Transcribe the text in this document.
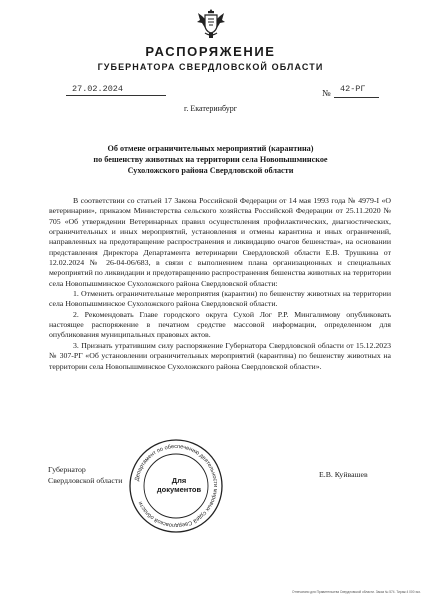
РАСПОРЯЖЕНИЕ
ГУБЕРНАТОРА СВЕРДЛОВСКОЙ ОБЛАСТИ
27.02.2024	№ 42-РГ
г. Екатеринбург
Об отмене ограничительных мероприятий (карантина)
по бешенству животных на территории села Новопышминское
Сухоложского района Свердловской области

В соответствии со статьей 17 Закона Российской Федерации от 14 мая 1993 года № 4979-I «О ветеринарии», приказом Министерства сельского хозяйства Российской Федерации от 25.11.2020 № 705 «Об утверждении Ветеринарных правил осуществления профилактических, диагностических, ограничительных и иных мероприятий, установления и отмены карантина и иных ограничений, направленных на предотвращение распространения и ликвидацию очагов бешенства», на основании представления Директора Департамента ветеринарии Свердловской области Е.В. Трушкина от 12.02.2024 № 26-04-06/683, в связи с выполнением плана организационных и специальных мероприятий по ликвидации и предотвращению распространения бешенства животных на территории села Новопышминское Сухоложского района Свердловской области:

1. Отменить ограничительные мероприятия (карантин) по бешенству животных на территории села Новопышминское Сухоложского района Свердловской области.

2. Рекомендовать Главе городского округа Сухой Лог Р.Р. Мингалимову опубликовать настоящее распоряжение в печатном средстве массовой информации, определенном для опубликования муниципальных правовых актов.

3. Признать утратившим силу распоряжение Губернатора Свердловской области от 15.12.2023 № 307-РГ «Об установлении ограничительных мероприятий (карантина) по бешенству животных на территории села Новопышминское Сухоложского района Свердловской области».

Губернатор
Свердловской области
Е.В. Куйвашев
Департамент по обеспечению деятельности мировых судей Свердловской области
Для
документов
Отпечатано для Правительства Свердловской области. Заказ № 574. Тираж 4 000 экз.
